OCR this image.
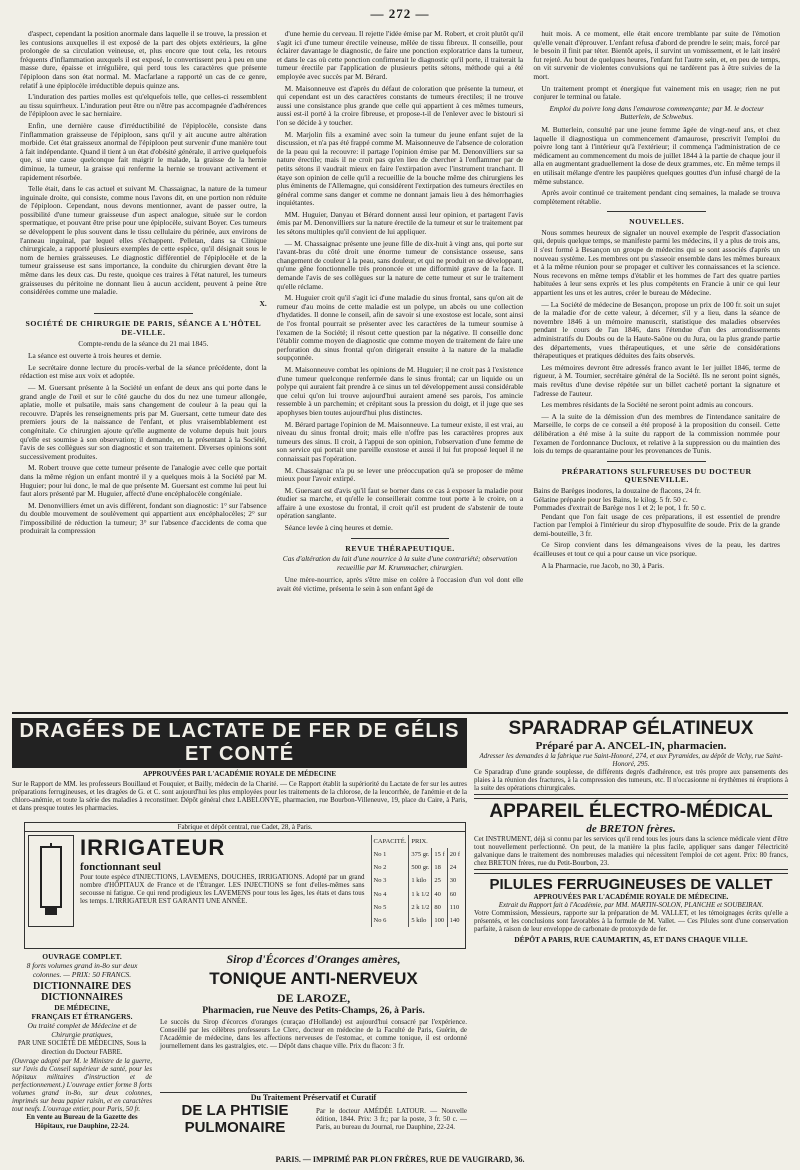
— 272 —

d'aspect, cependant la position anormale dans laquelle il se trouve, la pression et les contusions auxquelles il est exposé de la part des objets extérieurs, la gêne prolongée de sa circulation veineuse, et, plus encore que tout cela, les retours fréquents d'inflammation auxquels il est exposé, le convertissent peu à peu en une masse dure, épaisse et irrégulière, qui perd tous les caractères que présente l'épiploon dans son état normal. M. Macfarlane a rapporté un cas de ce genre, relatif à une épiplocèle irréductible depuis quinze ans.

L'induration des parties molles est qu'elquefois telle, que celles-ci ressemblent au tissu squirrheux. L'induration peut être ou n'être pas accompagnée d'adhérences de l'épiploon avec le sac herniaire.

Enfin, une dernière cause d'irréductibilité de l'épiplocèle, consiste dans l'inflammation graisseuse de l'épiploon, sans qu'il y ait aucune autre altération morbide. Cet état graisseux anormal de l'épiploon peut survenir d'une manière tout à fait indépendante. Quand il tient à un état d'obésité générale, il arrive quelquefois que, si une cause quelconque fait maigrir le malade, la graisse de la hernie diminue, la tumeur, la graisse qui renferme la hernie se trouvant activement et rapidement résorbée.

Telle était, dans le cas actuel et suivant M. Chassaignac, la nature de la tumeur inguinale droite, qui consiste, comme nous l'avons dit, en une portion non réduite de l'épiploon. Cependant, nous devons mentionner, avant de passer outre, la possibilité d'une tumeur graisseuse d'un aspect analogue, située sur le cordon spermatique, et pouvant être prise pour une épiplocèle, suivant Boyer. Ces tumeurs se développent le plus souvent dans le tissu cellulaire du périnée, aux environs de l'anneau inguinal, par lequel elles s'échappent. Pelletan, dans sa Clinique chirurgicale, a rapporté plusieurs exemples de cette espèce, qu'il désignait sous le nom de hernies graisseuses. Le diagnostic différentiel de l'épiplocèle et de la tumeur graisseuse est sans importance, la conduite du chirurgien devant être la même dans les deux cas. Du reste, quoique ces traires à l'état naturel, les tumeurs graisseuses du péritoine ne donnant lieu à aucun accident, peuvent à peine être considérées comme une maladie.

X.
SOCIÉTÉ DE CHIRURGIE DE PARIS, SÉANCE A L'HÔTEL DE-VILLE.
Compte-rendu de la séance du 21 mai 1845.

La séance est ouverte à trois heures et demie.

Le secrétaire donne lecture du procès-verbal de la séance précédente, dont la rédaction est mise aux voix et adoptée.

— M. Guersant présente à la Société un enfant de deux ans qui porte dans le grand angle de l'œil et sur le côté gauche du dos du nez une tumeur allongée, aplatie, molle et pulsatile, mais sans changement de couleur à la peau qui la recouvre. D'après les renseignements pris par M. Guersant, cette tumeur date des premiers jours de la naissance de l'enfant, et plus vraisemblablement est congénitale. Ce chirurgien ajoute qu'elle augmente de volume depuis huit jours qu'elle est soumise à son observation; il demande, en la présentant à la Société, l'avis de ses collègues sur son diagnostic et son traitement. Diverses opinions sont successivement produites.

M. Robert trouve que cette tumeur présente de l'analogie avec celle que portait dans la même région un enfant montré il y a quelques mois à la Société par M. Huguier; pour lui donc, le mal de que présente M. Guersant est comme lui peut lui faut alors présenté par M. Huguier, affecté d'une encéphalocèle congéniale.

M. Denonvilliers émet un avis différent, fondant son diagnostic: 1° sur l'absence du double mouvement de soulèvement qui appartient aux encéphalocèles; 2° sur l'impossibilité de réduction la tumeur; 3° sur l'absence d'accidents de coma que produirait la compression

d'une hernie du cerveau. Il rejette l'idée émise par M. Robert, et croit plutôt qu'il s'agit ici d'une tumeur érectile veineuse, mêlée de tissu fibreux. Il conseille, pour éclairer davantage le diagnostic, de faire une ponction exploratrice dans la tumeur, et dans le cas où cette ponction confirmerait le diagnostic qu'il porte, il traiterait la tumeur érectile par l'application de plusieurs petits sétons, méthode qui a été employée avec succès par M. Bérard.

M. Maisonneuve est d'après du défaut de coloration que présente la tumeur, et qui cependant est un des caractères constants de tumeurs érectiles; il ne trouve aussi une consistance plus grande que celle qui appartient à ces mêmes tumeurs, aussi est-il porté à la croire fibreuse, et propose-t-il de l'enlever avec le bistouri si l'on se décide à y toucher.

M. Marjolin fils a examiné avec soin la tumeur du jeune enfant sujet de la discussion, et n'a pas été frappé comme M. Maisonneuve de l'absence de coloration de la peau qui la recouvre: il partage l'opinion émise par M. Denonvilliers sur sa nature érectile; mais il ne croit pas qu'en lieu de chercher à l'enflammer par de petits sétons il vaudrait mieux en faire l'extirpation avec l'instrument tranchant. Il étaye son opinion de celle qu'il a recueillie de la bouche même des chirurgiens les plus éminents de l'Allemagne, qui considèrent l'extirpation des tumeurs érectiles en général comme sans danger et comme ne donnant jamais lieu à des hémorrhagies inquiétantes.

MM. Huguier, Danyau et Bérard donnent aussi leur opinion, et partagent l'avis émis par M. Denonvilliers sur la nature érectile de la tumeur et sur le traitement par les sétons multiples qu'il convient de lui appliquer.

— M. Chassaignac présente une jeune fille de dix-huit à vingt ans, qui porte sur l'avant-bras du côté droit une énorme tumeur de consistance osseuse, sans changement de couleur à la peau, sans douleur, et qui ne produit en se développant, qu'une gêne fonctionnelle très prononcée et une difformité grave de la face. Il demande l'avis de ses collègues sur la nature de cette tumeur et sur le traitement qu'elle réclame.

M. Huguier croit qu'il s'agit ici d'une maladie du sinus frontal, sans qu'on ait de rumeur d'au moins de cette maladie est un polype, un abcès ou une collection d'hydatides. Il donne le conseil, afin de savoir si une exostose est locale, sont ainsi de l'os frontal pourrait se présenter avec les caractères de la tumeur soumise à l'examen de la Société; il résout cette question par la négative. Il conseille donc l'établir comme moyen de diagnostic que comme moyen de traitement de faire une perforation du sinus frontal qu'on dirigerait ensuite à la nature de la maladie soupçonnée.

M. Maisonneuve combat les opinions de M. Huguier; il ne croit pas à l'existence d'une tumeur quelconque renfermée dans le sinus frontal; car un liquide ou un polype qui auraient fait prendre à ce sinus un tel développement aussi considérable que celui qu'on lui trouve aujourd'hui auraient amené ses parois, l'os amincie ressemble à un parchemin; et crépitant sous la pression du doigt, et il juge que ses apophyses bien toutes aujourd'hui plus distinctes.

M. Bérard partage l'opinion de M. Maisonneuve. La tumeur existe, il est vrai, au niveau du sinus frontal droit; mais elle n'offre pas les caractères propres aux tumeurs des sinus. Il croit, à l'appui de son opinion, l'observation d'une femme de son service qui portait une pareille exostose et aussi il lui fut proposé lequel il ne connaissait pas l'opération.

M. Chassaignac n'a pu se lever une préoccupation qu'à se proposer de même mieux pour l'avoir extirpé.

M. Guersant est d'avis qu'il faut se borner dans ce cas à exposer la maladie pour étudier sa marche, et qu'elle le conseillerait comme tout porte à le croire, on a affaire à une exostose du frontal, il croit qu'il est prudent de s'abstenir de toute opération sanglante.

Séance levée à cinq heures et demie.

REVUE THÉRAPEUTIQUE.
Cas d'altération du lait d'une nourrice à la suite d'une contrariété; observation recueillie par M. Krummacher, chirurgien.

Une mère-nourrice, après s'être mise en colère à l'occasion d'un vol dont elle avait été victime, présenta le sein à son enfant âgé de

huit mois. A ce moment, elle était encore tremblante par suite de l'émotion qu'elle venait d'éprouver. L'enfant refusa d'abord de prendre le sein; mais, forcé par le besoin il finit par téter. Bientôt après, il survint un vomissement, et le lait inséré fut rejeté. Au bout de quelques heures, l'enfant fut l'autre sein, et, en peu de temps, on vit survenir de violentes convulsions qui ne tardèrent pas à être suivies de la mort.

Un traitement prompt et énergique fut vainement mis en usage; rien ne put conjurer le terminal ou fatale.

Emploi du poivre long dans l'emaurose commençante; par M. le docteur Butterlein, de Schwebus.

M. Butterlein, consulté par une jeune femme âgée de vingt-neuf ans, et chez laquelle il diagnostiqua un commencement d'amaurose, prescrivit l'emploi du poivre long tant à l'intérieur qu'à l'extérieur; il commença l'administration de ce médicament au commencement du mois de juillet 1844 à la partie de chaque jour il alla en augmentant graduellement la dose de deux grammes, etc. En même temps il en utilisait mélange d'entre les paupières quelques gouttes d'un infusé chargé de la même substance.

Après avoir continué ce traitement pendant cinq semaines, la malade se trouva complètement rétablie.

NOUVELLES.

Nous sommes heureux de signaler un nouvel exemple de l'esprit d'association qui, depuis quelque temps, se manifeste parmi les médecins, il y a plus de trois ans, il s'est formé à Besançon un groupe de médecins qui se sont associés d'après un nouveau système. Les membres ont pu s'asseoir ensemble dans les mêmes bureaux et à la même réunion pour se propager et cultiver les connaissances et la science. Nous recevons en même temps d'établir et les hommes de l'art des quatre parties habituées à leur sens exprès et les plus compétents en Francie à unir ce qui leur appartient les uns et les autres, créer le bureau de Médecine.

— La Société de médecine de Besançon, propose un prix de 100 fr. soit un sujet de la maladie d'or de cette valeur, à décerner, s'il y a lieu, dans la séance de novembre 1846 à un mémoire manuscrit, statistique des maladies observées pendant le cours de l'an 1846, dans l'étendue d'un des arrondissements administratifs du Doubs ou de la Haute-Saône ou du Jura, ou la plus grande partie des départements, vues thérapeutiques, et une série de considérations thérapeutiques et pratiques déduites des faits observés.

Les mémoires devront être adressés franco avant le 1er juillet 1846, terme de rigueur, à M. Tournier, secrétaire général de la Société. Ils ne seront point signés, mais revêtus d'une devise répétée sur un billet cacheté portant la signature et l'adresse de l'auteur.

Les membres résidants de la Société ne seront point admis au concours.

— A la suite de la démission d'un des membres de l'intendance sanitaire de Marseille, le corps de ce conseil a été proposé à la proposition du conseil. Cette délibération a été mise à la suite du rapport de la commission nommée pour l'examen de l'ordonnance Ducloux, et relative à la suppression ou du maintien des lois du temps de quarantaine pour les provenances de Tunis.

PRÉPARATIONS SULFUREUSES DU DOCTEUR QUESNEVILLE.
Bains de Barèges inodores, la douzaine de flacons, 24 fr.
Gélatine préparée pour les Bains, le kilog. 5 fr. 50 c.
Pommades d'extrait de Barège nos 1 et 2; le pot, 1 fr. 50 c.

Pendant que l'on fait usage de ces préparations, il est essentiel de prendre l'action par l'emploi à l'intérieur du sirop d'hyposulfite de soude. Prix de la grande demi-bouteille, 3 fr.

Ce Sirop convient dans les démangeaisons vives de la peau, les dartres écailleuses et tout ce qui a pour cause un vice psorique.

A la Pharmacie, rue Jacob, no 30, à Paris.

DRAGÉES DE LACTATE DE FER DE GÉLIS ET CONTÉ
APPROUVÉES PAR L'ACADÉMIE ROYALE DE MÉDECINE
Sur le Rapport de MM. les professeurs Bouillaud et Fouquier, et Bailly, médecin de la Charité. — Ce Rapport établit la supériorité du Lactate de fer sur les autres préparations ferrugineuses, et les dragées de G. et C. sont aujourd'hui les plus employées pour les traitements de la chlorose, de la leucorrhée, de l'anémie et de la chloro-anémie, et toute la série des maladies à reconstituer. Dépôt général chez LABELONYE, pharmacien, rue Bourbon-Villeneuve, 19, place du Caire, à Paris, et dans presque toutes les pharmacies.
Fabrique et dépôt central, rue Cadet, 28, à Paris.
IRRIGATEUR
fonctionnant seul
Pour toute espèce d'INJECTIONS, LAVEMENS, DOUCHES, IRRIGATIONS. Adopté par un grand nombre d'HÔPITAUX de France et de l'Étranger. LES INJECTIONS se font d'elles-mêmes sans secousse ni fatigue. Ce qui rend prodigieux les LAVEMENS pour tous les âges, les états et dans tous les temps. L'IRRIGATEUR EST GARANTI UNE ANNÉE.
CAPACITÉ.	PRIX.		
No 1	375 gr.	15 f	20 f
No 2	500 gr.	18	24
No 3	1 kilo	25	30
No 4	1 k 1/2	40	60
No 5	2 k 1/2	80	110
No 6	5 kilo	100	140
OUVRAGE COMPLET.
8 forts volumes grand in-8o sur deux colonnes. — PRIX: 50 FRANCS.
DICTIONNAIRE DES DICTIONNAIRES
DE MÉDECINE,
FRANÇAIS ET ÉTRANGERS.
Ou traité complet de Médecine et de Chirurgie pratiques,
PAR UNE SOCIÉTÉ DE MÉDECINS, Sous la direction du Docteur FABRE.
(Ouvrage adopté par M. le Ministre de la guerre, sur l'avis du Conseil supérieur de santé, pour les hôpitaux militaires d'instruction et de perfectionnement.) L'ouvrage entier forme 8 forts volumes grand in-8o, sur deux colonnes, imprimés sur beau papier raisin, et en caractères tout neufs. L'ouvrage entier, pour Paris, 50 fr.
En vente au Bureau de la Gazette des Hôpitaux, rue Dauphine, 22-24.
Sirop d'Écorces d'Oranges amères,
TONIQUE ANTI-NERVEUX
DE LAROZE,
Pharmacien, rue Neuve des Petits-Champs, 26, à Paris.
Le succès du Sirop d'écorces d'oranges (curaçao d'Hollande) est aujourd'hui consacré par l'expérience. Conseillé par les célèbres professeurs Le Clerc, docteur en médecine de la Faculté de Paris, Guérin, de l'Académie de médecine, dans les affections nerveuses de l'estomac, et comme tonique, il est ordonné journellement dans les gastralgies, etc. — Dépôt dans chaque ville. Prix du flacon: 3 fr.
Du Traitement Préservatif et Curatif
DE LA PHTISIE PULMONAIRE
Par le docteur AMÉDÉE LATOUR. — Nouvelle édition, 1844. Prix: 3 fr.; par la poste, 3 fr. 50 c. — Paris, au bureau du Journal, rue Dauphine, 22-24.
SPARADRAP GÉLATINEUX
Préparé par A. ANCEL-IN, pharmacien.
Adresser les demandes à la fabrique rue Saint-Honoré, 274, et aux Pyramides, au dépôt de Vichy, rue Saint-Honoré, 295.
Ce Sparadrap d'une grande souplesse, de différents degrés d'adhérence, est très propre aux pansements des plaies à la réunion des fractures, à la compression des tumeurs, etc. Il n'occasionne ni érythèmes ni éruptions à la suite des opérations chirurgicales.
APPAREIL ÉLECTRO-MÉDICAL
de BRETON frères.
Cet INSTRUMENT, déjà si connu par les services qu'il rend tous les jours dans la science médicale vient d'être tout nouvellement perfectionné. On peut, de la manière la plus facile, appliquer sans danger l'électricité galvanique dans le traitement des nombreuses maladies qui nécessitent l'emploi de cet agent. Prix: 80 francs, chez BRETON frères, rue du Petit-Bourbon, 23.
PILULES FERRUGINEUSES DE VALLET
APPROUVÉES PAR L'ACADÉMIE ROYALE DE MÉDECINE.
Extrait du Rapport fait à l'Académie, par MM. MARTIN-SOLON, PLANCHE et SOUBEIRAN.
Votre Commission, Messieurs, rapporte sur la préparation de M. VALLET, et les témoignages écrits qu'elle a présentés, et les conclusions sont favorables à la formule de M. Vallet. — Ces Pilules sont d'une conservation parfaite, à raison de leur enveloppe de carbonate de protoxyde de fer.
DÉPÔT A PARIS, RUE CAUMARTIN, 45, ET DANS CHAQUE VILLE.
PARIS. — IMPRIMÉ PAR PLON FRÈRES, RUE DE VAUGIRARD, 36.
